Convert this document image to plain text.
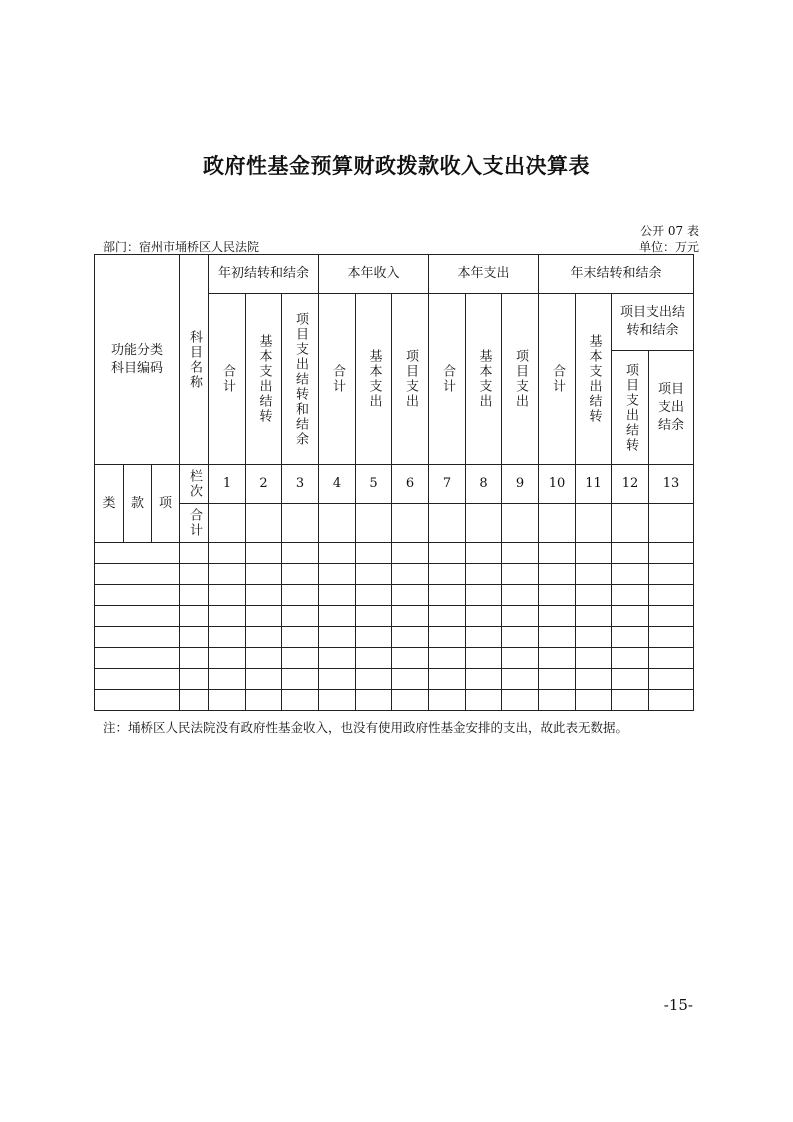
政府性基金预算财政拨款收入支出决算表
公开 07 表
部门：宿州市埇桥区人民法院	单位：万元
功能分类科目编码			科目名称	年初结转和结余			本年收入			本年支出			年末结转和结余			
				合计	基本支出结转	项目支出结转和结余	合计	基本支出	项目支出	合计	基本支出	项目支出	合计	基本支出结转	项目支出结转和结余	
															项目支出结转	项目支出结余

类	款	项	栏次	1	2	3	4	5	6	7	8	9	10	11	12	13
			合计													

注：埇桥区人民法院没有政府性基金收入，也没有使用政府性基金安排的支出，故此表无数据。
-15-
